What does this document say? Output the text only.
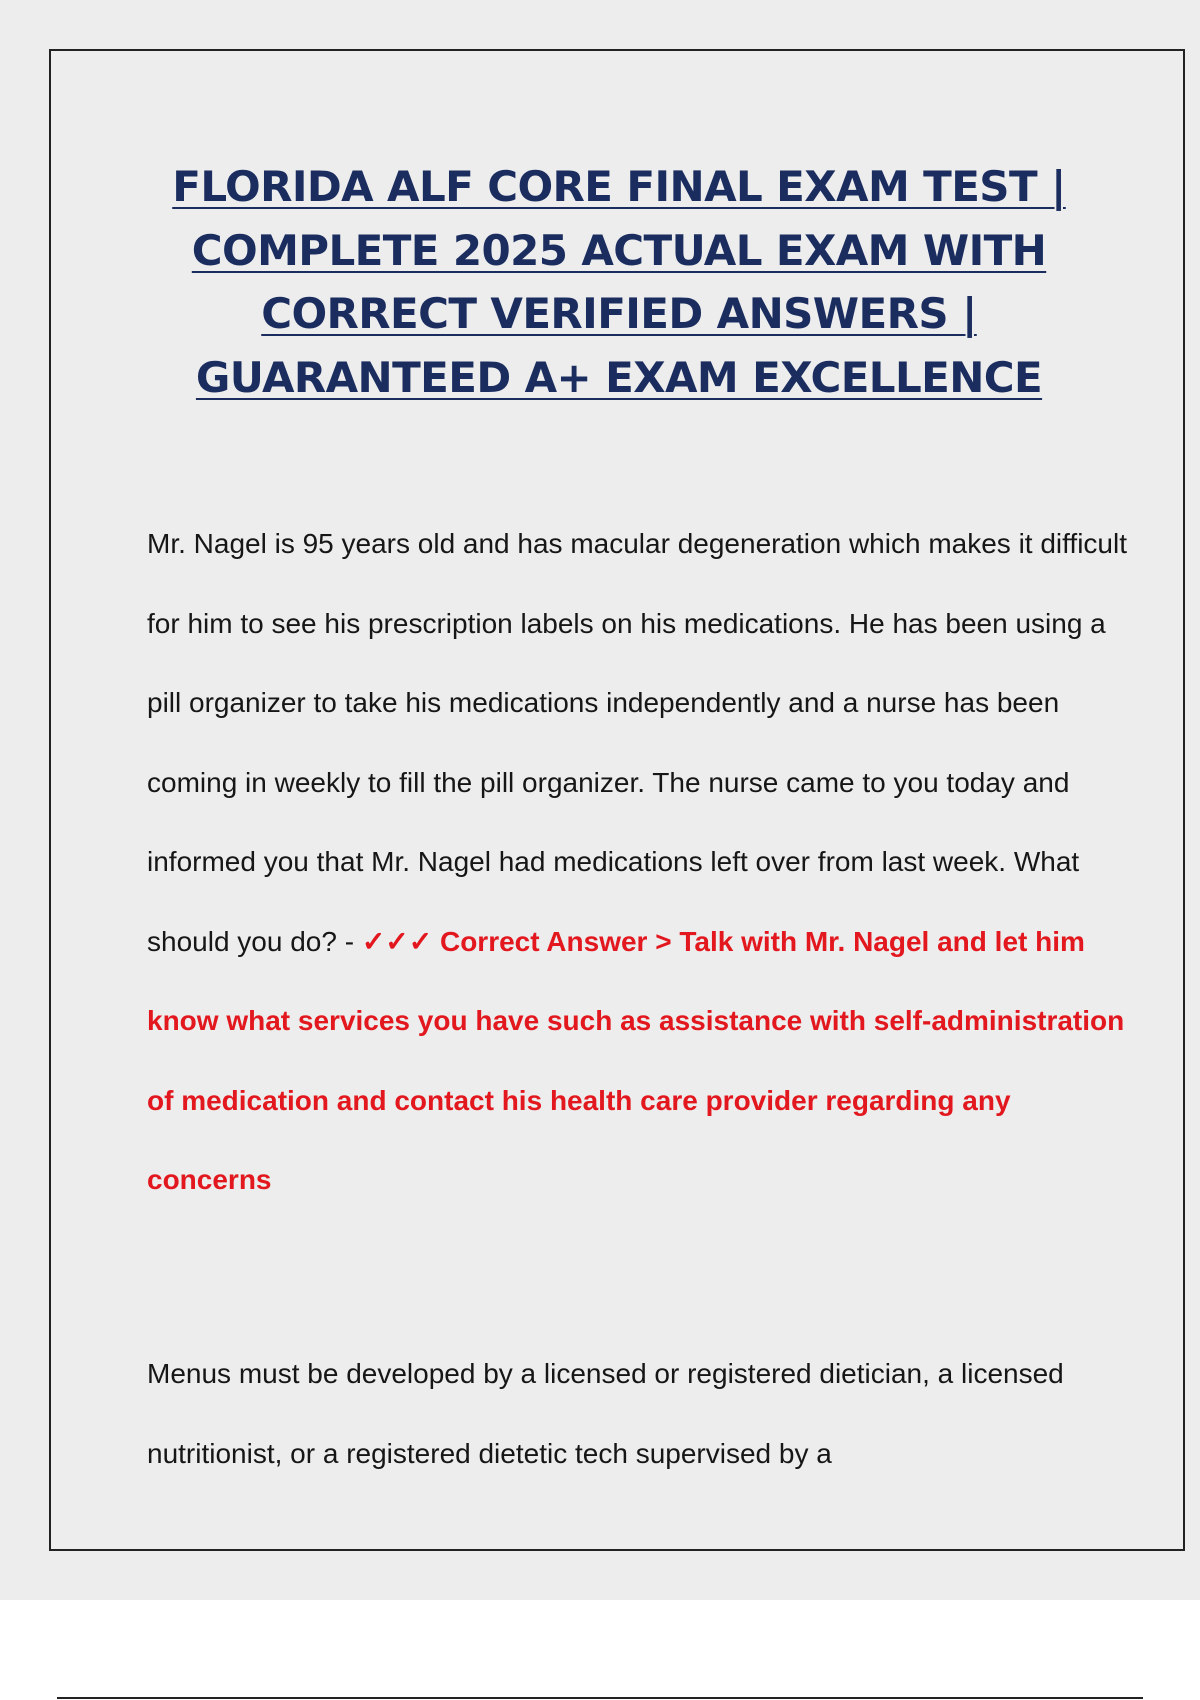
FLORIDA ALF CORE FINAL EXAM TEST | COMPLETE 2025 ACTUAL EXAM WITH CORRECT VERIFIED ANSWERS | GUARANTEED A+ EXAM EXCELLENCE

Mr. Nagel is 95 years old and has macular degeneration which makes it difficult for him to see his prescription labels on his medications. He has been using a pill organizer to take his medications independently and a nurse has been coming in weekly to fill the pill organizer. The nurse came to you today and informed you that Mr. Nagel had medications left over from last week. What should you do? - ✓✓✓ Correct Answer > Talk with Mr. Nagel and let him know what services you have such as assistance with self-administration of medication and contact his health care provider regarding any concerns

Menus must be developed by a licensed or registered dietician, a licensed nutritionist, or a registered dietetic tech supervised by a
